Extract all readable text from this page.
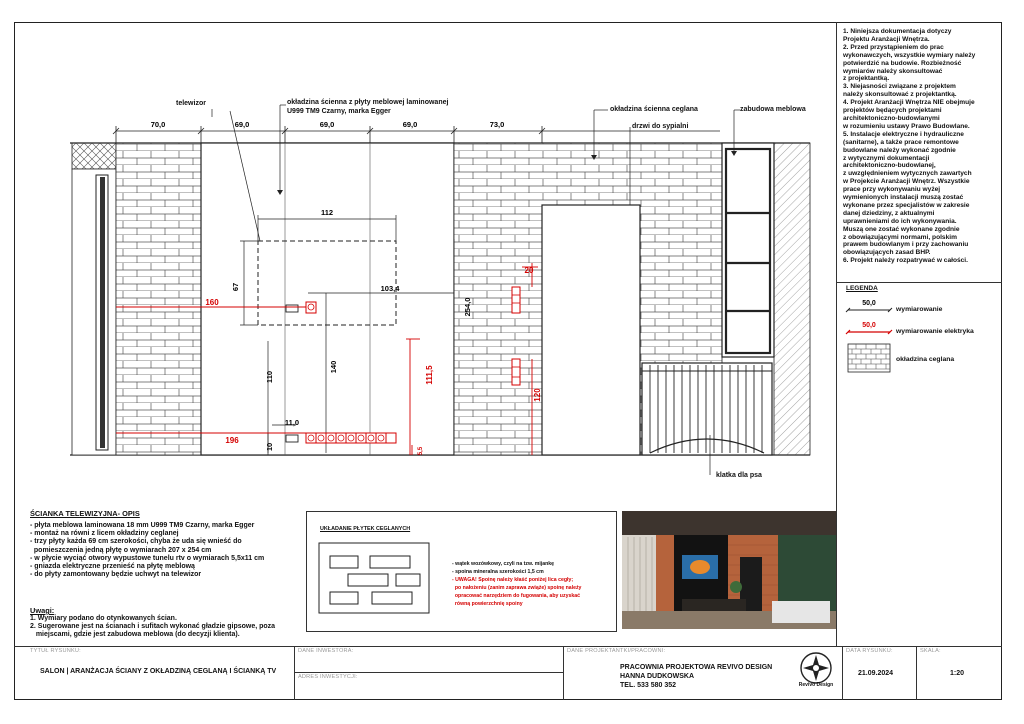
1. Niniejsza dokumentacja dotyczy
Projektu Aranżacji Wnętrza.
2. Przed przystąpieniem do prac
wykonawczych, wszystkie wymiary należy
potwierdzić na budowie. Rozbieżność
wymiarów należy skonsultować
z projektantką.
3. Niejasności związane z projektem
należy skonsultować z projektantką.
4. Projekt Aranżacji Wnętrza NIE obejmuje
projektów będących projektami
architektoniczno-budowlanymi
w rozumieniu ustawy Prawo Budowlane.
5. Instalacje elektryczne i hydrauliczne
(sanitarne), a także prace remontowe
budowlane należy wykonać zgodnie
z wytycznymi dokumentacji
architektoniczno-budowlanej,
z uwzględnieniem wytycznych zawartych
w Projekcie Aranżacji Wnętrz. Wszystkie
prace przy wykonywaniu wyżej
wymienionych instalacji muszą zostać
wykonane przez specjalistów w zakresie
danej dziedziny, z aktualnymi
uprawnieniami do ich wykonywania.
Muszą one zostać wykonane zgodnie
z obowiązującymi normami, polskim
prawem budowlanym i przy zachowaniu
obowiązujących zasad BHP.
6. Projekt należy rozpatrywać w całości.
LEGENDA
50,0
50,0
wymiarowanie
wymiarowanie elektryka
okładzina ceglana
70,0	69,0	69,0	69,0	73,0
112
67	103,4
254,0
110
140
11,0
10
160
196
111,5
20
120
5,5
telewizor	okładzina ścienna z płyty meblowej laminowanej
U999 TM9 Czarny, marka Egger	okładzina ścienna ceglana
drzwi do sypialni
zabudowa meblowa
klatka dla psa
ŚCIANKA TELEWIZYJNA- OPIS
- płyta meblowa laminowana 18 mm U999 TM9 Czarny, marka Egger
- montaż na równi z licem okładziny ceglanej
- trzy płyty każda 69 cm szerokości, chyba że uda się wnieść do
pomieszczenia jedną płytę o wymiarach 207 x 254 cm
- w płycie wyciąć otwory wypustowe tunelu rtv o wymiarach 5,5x11 cm
- gniazda elektryczne przenieść na płytę meblową
- do płyty zamontowany będzie uchwyt na telewizor
Uwagi:
1. Wymiary podano do otynkowanych ścian.
2. Sugerowane jest na ścianach i sufitach wykonać gładzie gipsowe, poza
miejscami, gdzie jest zabudowa meblowa (do decyzji klienta).
UKŁADANIE PŁYTEK CEGLANYCH
- wątek wozówkowy, czyli na tzw. mijankę
- spoina mineralna szerokości 1,5 cm
- UWAGA! Spoinę należy kłaść poniżej lica cegły;
po nałożeniu (zanim zaprawa zwiąże) spoinę należy
opracować narzędziem do fugowania, aby uzyskać
równą powierzchnię spoiny
TYTUŁ RYSUNKU:
SALON | ARANŻACJA ŚCIANY Z OKŁADZINĄ CEGLANĄ I ŚCIANKĄ TV
DANE INWESTORA:
ADRES INWESTYCJI:
DANE PROJEKTANTKI/PRACOWNI:
PRACOWNIA PROJEKTOWA REVIVO DESIGN
HANNA DUDKOWSKA
TEL. 533 580 352	Revivo Design
DATA RYSUNKU:
21.09.2024
SKALA:
1:20
